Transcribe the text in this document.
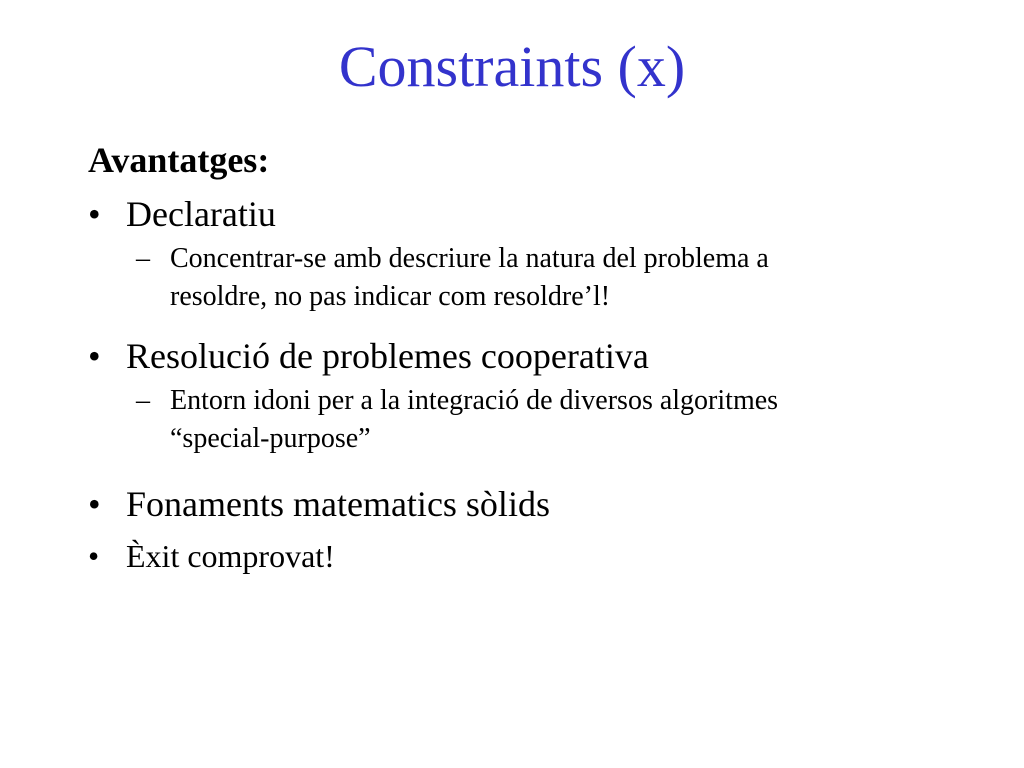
Constraints (x)
Avantatges:
• Declaratiu
– Concentrar-se amb descriure la natura del problema a
resoldre, no pas indicar com resoldre’l!
• Resolució de problemes cooperativa
– Entorn idoni per a la integració de diversos algoritmes
“special-purpose”
• Fonaments matematics sòlids
• Èxit comprovat!
